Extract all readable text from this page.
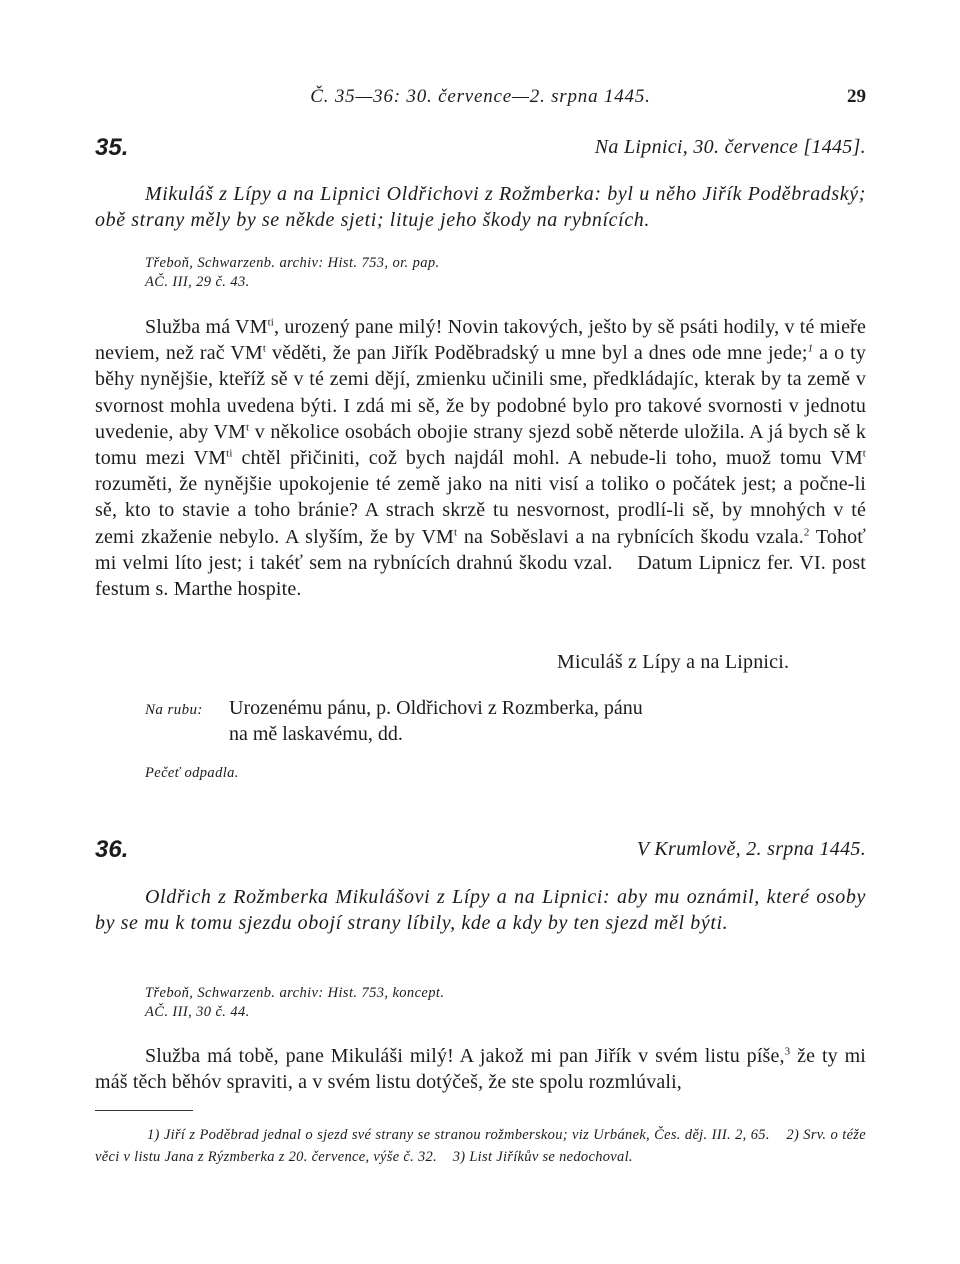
Č. 35—36: 30. července—2. srpna 1445.	29
35.	Na Lipnici, 30. července [1445].
Mikuláš z Lípy a na Lipnici Oldřichovi z Rožmberka: byl u něho Jiřík Poděbradský; obě strany měly by se někde sjeti; lituje jeho škody na rybnících.
Třeboň, Schwarzenb. archiv: Hist. 753, or. pap.
AČ. III, 29 č. 43.

Služba má $VM^{ti}$, urozený pane milý! Novin takových, ješto by sě psáti hodily, v té mieře neviem, než rač $VM^t$ věděti, že pan Jiřík Poděbradský u mne byl a dnes ode mne jede;$^1$ a o ty běhy nynějšie, kteříž sě v té zemi dějí, zmienku učinili sme, předkládajíc, kterak by ta země v svornost mohla uvedena býti. I zdá mi sě, že by podobné bylo pro takové svornosti v jednotu uvedenie, aby $VM^t$ v několice osobách obojie strany sjezd sobě něterde uložila. A já bych sě k tomu mezi $VM^{ti}$ chtěl přičiniti, což bych najdál mohl. A nebude-li toho, muož tomu $VM^t$ rozuměti, že nynějšie upokojenie té země jako na niti visí a toliko o počátek jest; a počne-li sě, kto to stavie a toho bránie? A strach skrzě tu nesvornost, prodlí-li sě, by mnohých v té zemi zkaženie nebylo. A slyším, že by $VM^t$ na Soběslavi a na rybnících škodu vzala.$^2$ Tohoť mi velmi líto jest; i takéť sem na rybnících drahnú škodu vzal.    Datum Lipnicz fer. VI. post festum s. Marthe hospite.

Miculáš z Lípy a na Lipnici.
Na rubu: Urozenému pánu, p. Oldřichovi z Rozmberka, pánu
na mě laskavému, dd.
Pečeť odpadla.
36.	V Krumlově, 2. srpna 1445.
Oldřich z Rožmberka Mikulášovi z Lípy a na Lipnici: aby mu oznámil, které osoby by se mu k tomu sjezdu obojí strany líbily, kde a kdy by ten sjezd měl býti.
Třeboň, Schwarzenb. archiv: Hist. 753, koncept.
AČ. III, 30 č. 44.

Služba má tobě, pane Mikuláši milý! A jakož mi pan Jiřík v svém listu píše,$^3$ že ty mi máš těch běhóv spraviti, a v svém listu dotýčeš, že ste spolu rozmlúvali,

1) Jiří z Poděbrad jednal o sjezd své strany se stranou rožmberskou; viz Urbánek, Čes. děj. III. 2, 65.    2) Srv. o téže věci v listu Jana z Rýzmberka z 20. července, výše č. 32.    3) List Jiříkův se nedochoval.
